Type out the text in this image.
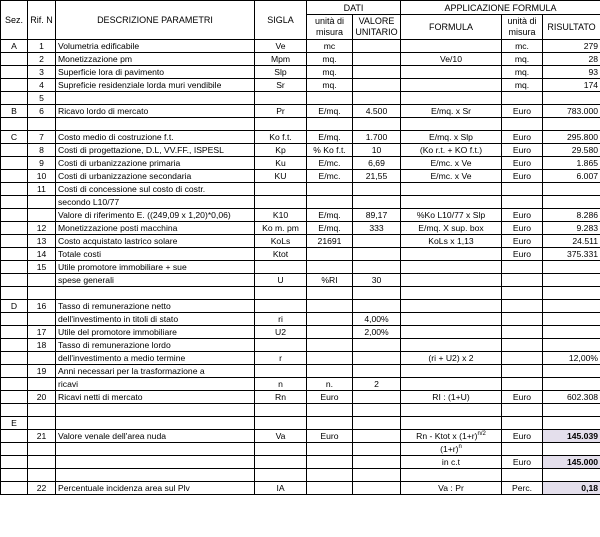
Sez.	Rif. N	DESCRIZIONE PARAMETRI	SIGLA	DATI		APPLICAZIONE FORMULA		
				unità di misura	VALORE UNITARIO	FORMULA	unità di misura	RISULTATO
A	1	Volumetria edificabile	Ve	mc			mc.	279
	2	Monetizzazione pm	Mpm	mq.		Ve/10	mq.	28
	3	Superficie lora di pavimento	Slp	mq.			mq.	93
	4	Supreficie residenziale lorda muri vendibile	Sr	mq.			mq.	174
	5							
B	6	Ricavo lordo di mercato	Pr	E/mq.	4.500	E/mq. x Sr	Euro	783.000

C	7	Costo medio di costruzione f.t.	Ko f.t.	E/mq.	1.700	E/mq. x Slp	Euro	295.800
	8	Costi di progettazione, D.L, VV.FF., ISPESL	Kp	% Ko f.t.	10	(Ko r.t. + KO f.t.)	Euro	29.580
	9	Costi di urbanizzazione primaria	Ku	E/mc.	6,69	E/mc. x Ve	Euro	1.865
	10	Costi di urbanizzazione secondaria	KU	E/mc.	21,55	E/mc. x Ve	Euro	6.007
	11	Costi di concessione sul costo di costr.						
		secondo L10/77						
		Valore di riferimento E. ((249,09 x 1,20)*0,06)	K10	E/mq.	89,17	%Ko L10/77 x Slp	Euro	8.286
	12	Monetizzazione posti macchina	Ko m. pm	E/mq.	333	E/mq. X sup. box	Euro	9.283
	13	Costo acquistato lastrico solare	KoLs	21691		KoLs x 1,13	Euro	24.511
	14	Totale costi	Ktot				Euro	375.331
	15	Utile promotore immobiliare + sue						
		spese generali	U	%RI	30			

D	16	Tasso di remunerazione netto						
		dell'investimento in titoli di stato	ri		4,00%			
	17	Utile del promotore immobiliare	U2		2,00%			
	18	Tasso di remunerazione lordo						
		dell'investimento a medio termine	r			(ri + U2) x 2		12,00%
	19	Anni necessari per la trasformazione a						
		ricavi	n	n.	2			
	20	Ricavi netti di mercato	Rn	Euro		RI : (1+U)	Euro	602.308

E								
	21	Valore venale dell'area nuda	Va	Euro		Rn - Ktot x $(1+r)^{n/2}$	Euro	145.039
						$(1+r)^n$		
						in c.t	Euro	145.000

	22	Percentuale incidenza area sul Plv	IA			Va : Pr	Perc.	0,18
